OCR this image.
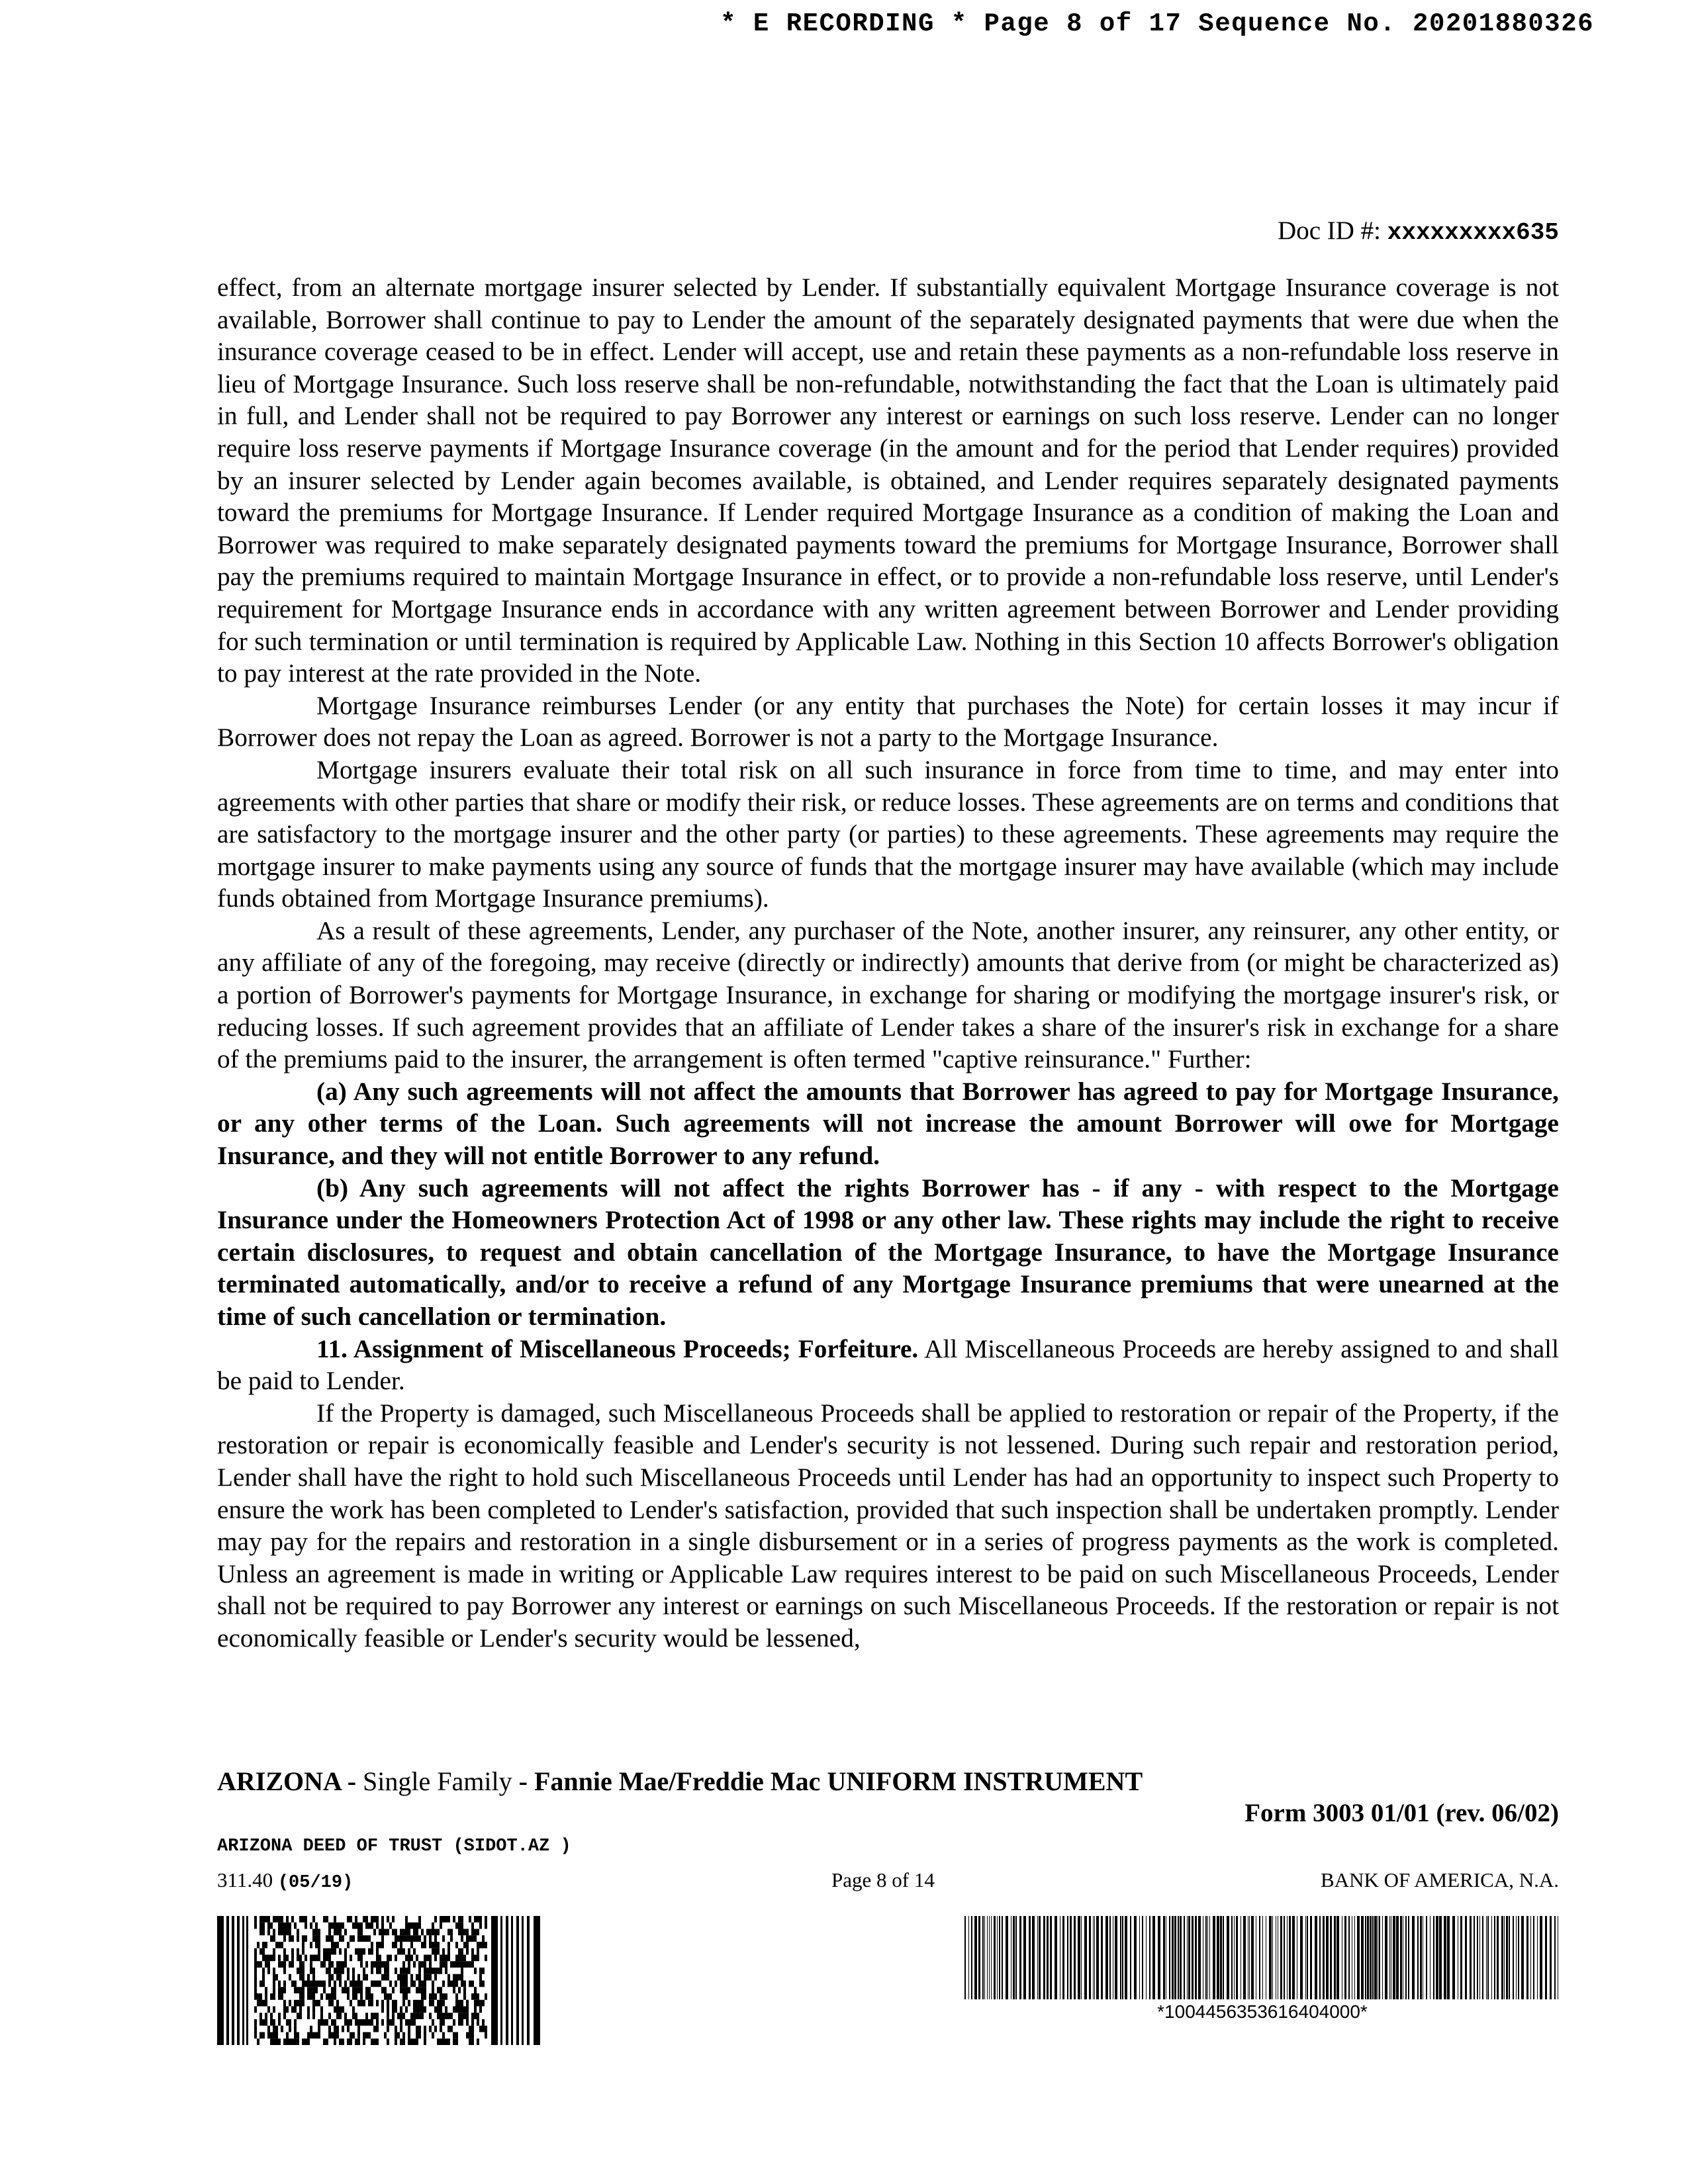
* E RECORDING * Page 8 of 17 Sequence No. 20201880326
Doc ID #: xxxxxxxxx635

effect, from an alternate mortgage insurer selected by Lender. If substantially equivalent Mortgage Insurance coverage is not available, Borrower shall continue to pay to Lender the amount of the separately designated payments that were due when the insurance coverage ceased to be in effect. Lender will accept, use and retain these payments as a non-refundable loss reserve in lieu of Mortgage Insurance. Such loss reserve shall be non-refundable, notwithstanding the fact that the Loan is ultimately paid in full, and Lender shall not be required to pay Borrower any interest or earnings on such loss reserve. Lender can no longer require loss reserve payments if Mortgage Insurance coverage (in the amount and for the period that Lender requires) provided by an insurer selected by Lender again becomes available, is obtained, and Lender requires separately designated payments toward the premiums for Mortgage Insurance. If Lender required Mortgage Insurance as a condition of making the Loan and Borrower was required to make separately designated payments toward the premiums for Mortgage Insurance, Borrower shall pay the premiums required to maintain Mortgage Insurance in effect, or to provide a non-refundable loss reserve, until Lender's requirement for Mortgage Insurance ends in accordance with any written agreement between Borrower and Lender providing for such termination or until termination is required by Applicable Law. Nothing in this Section 10 affects Borrower's obligation to pay interest at the rate provided in the Note.

Mortgage Insurance reimburses Lender (or any entity that purchases the Note) for certain losses it may incur if Borrower does not repay the Loan as agreed. Borrower is not a party to the Mortgage Insurance.

Mortgage insurers evaluate their total risk on all such insurance in force from time to time, and may enter into agreements with other parties that share or modify their risk, or reduce losses. These agreements are on terms and conditions that are satisfactory to the mortgage insurer and the other party (or parties) to these agreements. These agreements may require the mortgage insurer to make payments using any source of funds that the mortgage insurer may have available (which may include funds obtained from Mortgage Insurance premiums).

As a result of these agreements, Lender, any purchaser of the Note, another insurer, any reinsurer, any other entity, or any affiliate of any of the foregoing, may receive (directly or indirectly) amounts that derive from (or might be characterized as) a portion of Borrower's payments for Mortgage Insurance, in exchange for sharing or modifying the mortgage insurer's risk, or reducing losses. If such agreement provides that an affiliate of Lender takes a share of the insurer's risk in exchange for a share of the premiums paid to the insurer, the arrangement is often termed "captive reinsurance." Further:

(a) Any such agreements will not affect the amounts that Borrower has agreed to pay for Mortgage Insurance, or any other terms of the Loan. Such agreements will not increase the amount Borrower will owe for Mortgage Insurance, and they will not entitle Borrower to any refund.

(b) Any such agreements will not affect the rights Borrower has - if any - with respect to the Mortgage Insurance under the Homeowners Protection Act of 1998 or any other law. These rights may include the right to receive certain disclosures, to request and obtain cancellation of the Mortgage Insurance, to have the Mortgage Insurance terminated automatically, and/or to receive a refund of any Mortgage Insurance premiums that were unearned at the time of such cancellation or termination.

11. Assignment of Miscellaneous Proceeds; Forfeiture. All Miscellaneous Proceeds are hereby assigned to and shall be paid to Lender.

If the Property is damaged, such Miscellaneous Proceeds shall be applied to restoration or repair of the Property, if the restoration or repair is economically feasible and Lender's security is not lessened. During such repair and restoration period, Lender shall have the right to hold such Miscellaneous Proceeds until Lender has had an opportunity to inspect such Property to ensure the work has been completed to Lender's satisfaction, provided that such inspection shall be undertaken promptly. Lender may pay for the repairs and restoration in a single disbursement or in a series of progress payments as the work is completed. Unless an agreement is made in writing or Applicable Law requires interest to be paid on such Miscellaneous Proceeds, Lender shall not be required to pay Borrower any interest or earnings on such Miscellaneous Proceeds. If the restoration or repair is not economically feasible or Lender's security would be lessened,

ARIZONA - Single Family - Fannie Mae/Freddie Mac UNIFORM INSTRUMENT
Form 3003 01/01 (rev. 06/02)
ARIZONA DEED OF TRUST (SIDOT.AZ )
311.40 (05/19)	Page 8 of 14	BANK OF AMERICA, N.A.
*1004456353616404000*
